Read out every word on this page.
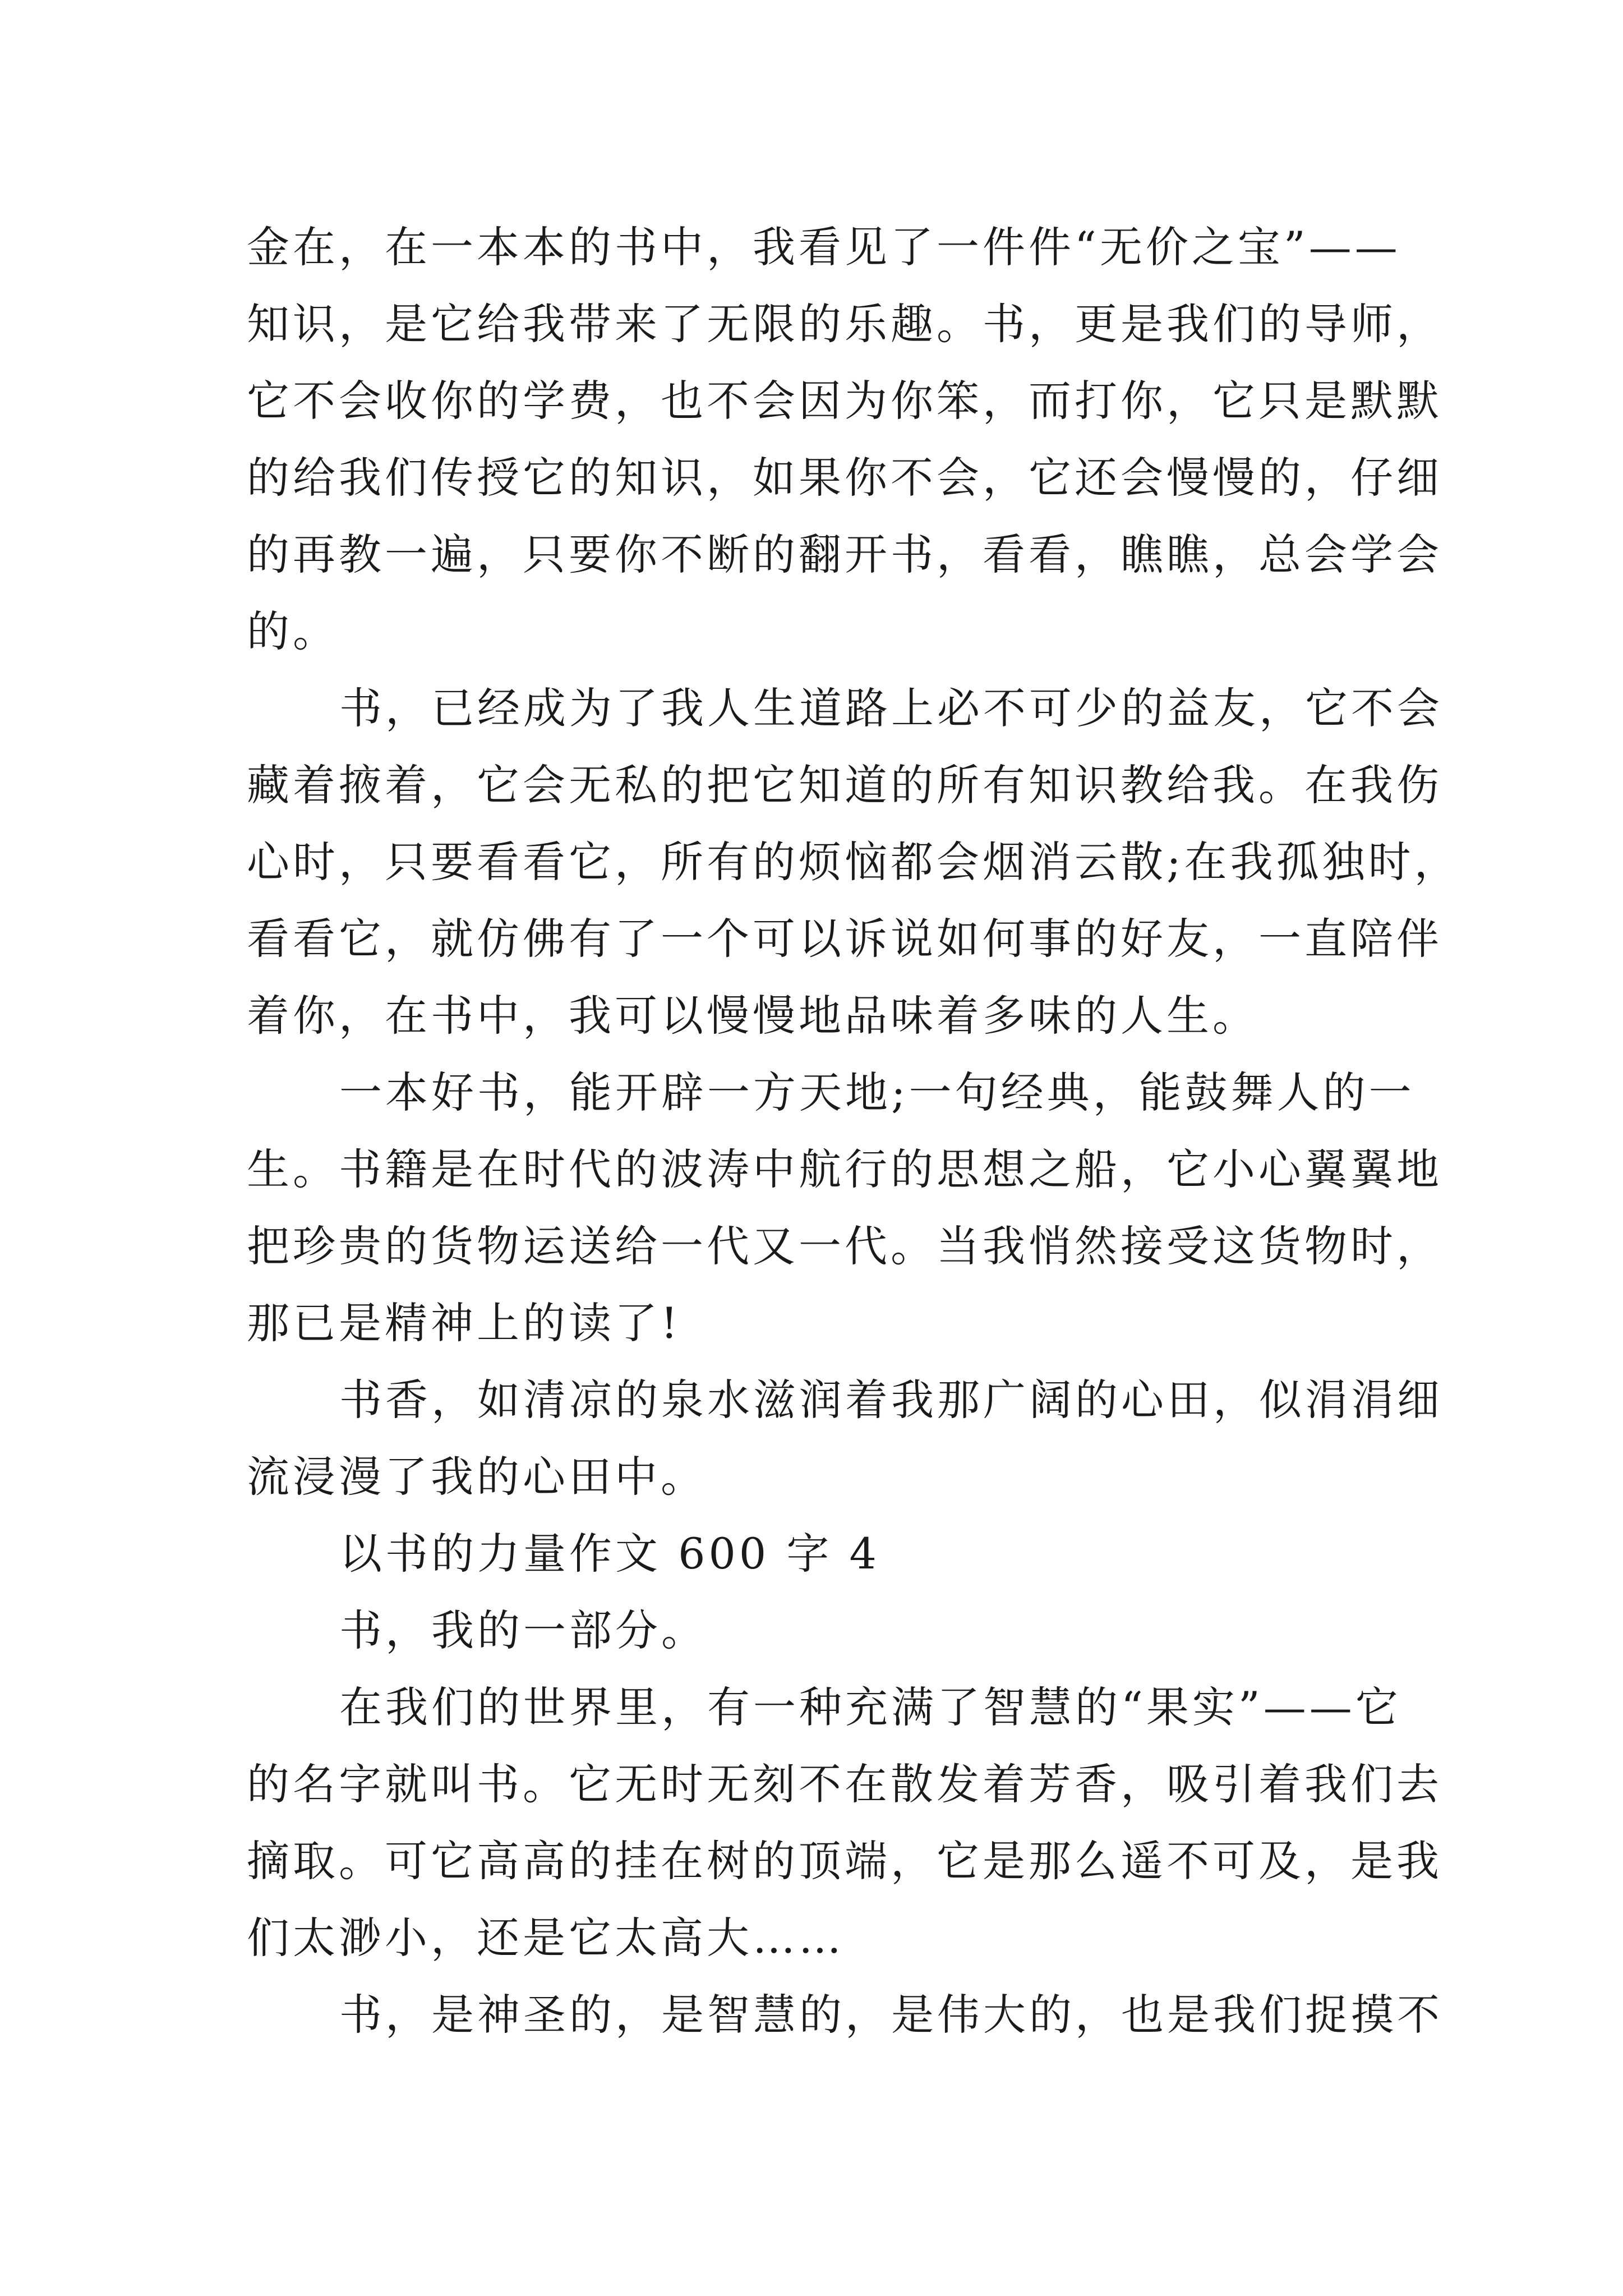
金在，在一本本的书中，我看见了一件件“无价之宝”——
知识，是它给我带来了无限的乐趣。书，更是我们的导师，
它不会收你的学费，也不会因为你笨，而打你，它只是默默
的给我们传授它的知识，如果你不会，它还会慢慢的，仔细
的再教一遍，只要你不断的翻开书，看看，瞧瞧，总会学会
的。
书，已经成为了我人生道路上必不可少的益友，它不会
藏着掖着，它会无私的把它知道的所有知识教给我。在我伤
心时，只要看看它，所有的烦恼都会烟消云散;在我孤独时，
看看它，就仿佛有了一个可以诉说如何事的好友，一直陪伴
着你，在书中，我可以慢慢地品味着多味的人生。
一本好书，能开辟一方天地;一句经典，能鼓舞人的一
生。书籍是在时代的波涛中航行的思想之船，它小心翼翼地
把珍贵的货物运送给一代又一代。当我悄然接受这货物时，
那已是精神上的读了!
书香，如清凉的泉水滋润着我那广阔的心田，似涓涓细
流浸漫了我的心田中。
以书的力量作文 600 字 4
书，我的一部分。
在我们的世界里，有一种充满了智慧的“果实”——它
的名字就叫书。它无时无刻不在散发着芳香，吸引着我们去
摘取。可它高高的挂在树的顶端，它是那么遥不可及，是我
们太渺小，还是它太高大……
书，是神圣的，是智慧的，是伟大的，也是我们捉摸不
